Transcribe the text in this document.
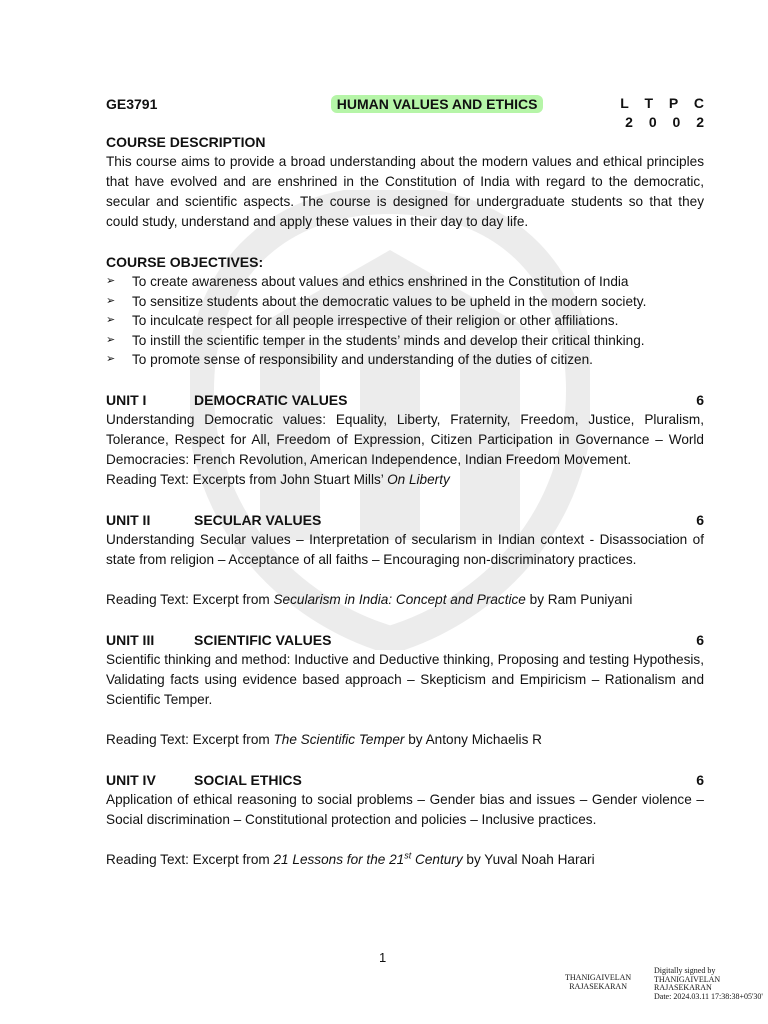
GE3791	HUMAN VALUES AND ETHICS	L T P C
2 0 0 2
COURSE DESCRIPTION

This course aims to provide a broad understanding about the modern values and ethical principles that have evolved and are enshrined in the Constitution of India with regard to the democratic, secular and scientific aspects. The course is designed for undergraduate students so that they could study, understand and apply these values in their day to day life.

COURSE OBJECTIVES:
➢ To create awareness about values and ethics enshrined in the Constitution of India
➢ To sensitize students about the democratic values to be upheld in the modern society.
➢ To inculcate respect for all people irrespective of their religion or other affiliations.
➢ To instill the scientific temper in the students’ minds and develop their critical thinking.
➢ To promote sense of responsibility and understanding of the duties of citizen.
UNIT I	DEMOCRATIC VALUES	6

Understanding Democratic values: Equality, Liberty, Fraternity, Freedom, Justice, Pluralism, Tolerance, Respect for All, Freedom of Expression, Citizen Participation in Governance – World Democracies: French Revolution, American Independence, Indian Freedom Movement.

Reading Text: Excerpts from John Stuart Mills’ On Liberty

UNIT II	SECULAR VALUES	6

Understanding Secular values – Interpretation of secularism in Indian context - Disassociation of state from religion – Acceptance of all faiths – Encouraging non-discriminatory practices.

Reading Text: Excerpt from Secularism in India: Concept and Practice by Ram Puniyani

UNIT III	SCIENTIFIC VALUES	6

Scientific thinking and method: Inductive and Deductive thinking, Proposing and testing Hypothesis, Validating facts using evidence based approach – Skepticism and Empiricism – Rationalism and Scientific Temper.

Reading Text: Excerpt from The Scientific Temper by Antony Michaelis R

UNIT IV	SOCIAL ETHICS	6

Application of ethical reasoning to social problems – Gender bias and issues – Gender violence – Social discrimination – Constitutional protection and policies – Inclusive practices.

Reading Text: Excerpt from 21 Lessons for the 21st Century by Yuval Noah Harari

1
THANIGAIVELAN
RAJASEKARAN
Digitally signed by
THANIGAIVELAN
RAJASEKARAN
Date: 2024.03.11 17:38:38+05'30'
